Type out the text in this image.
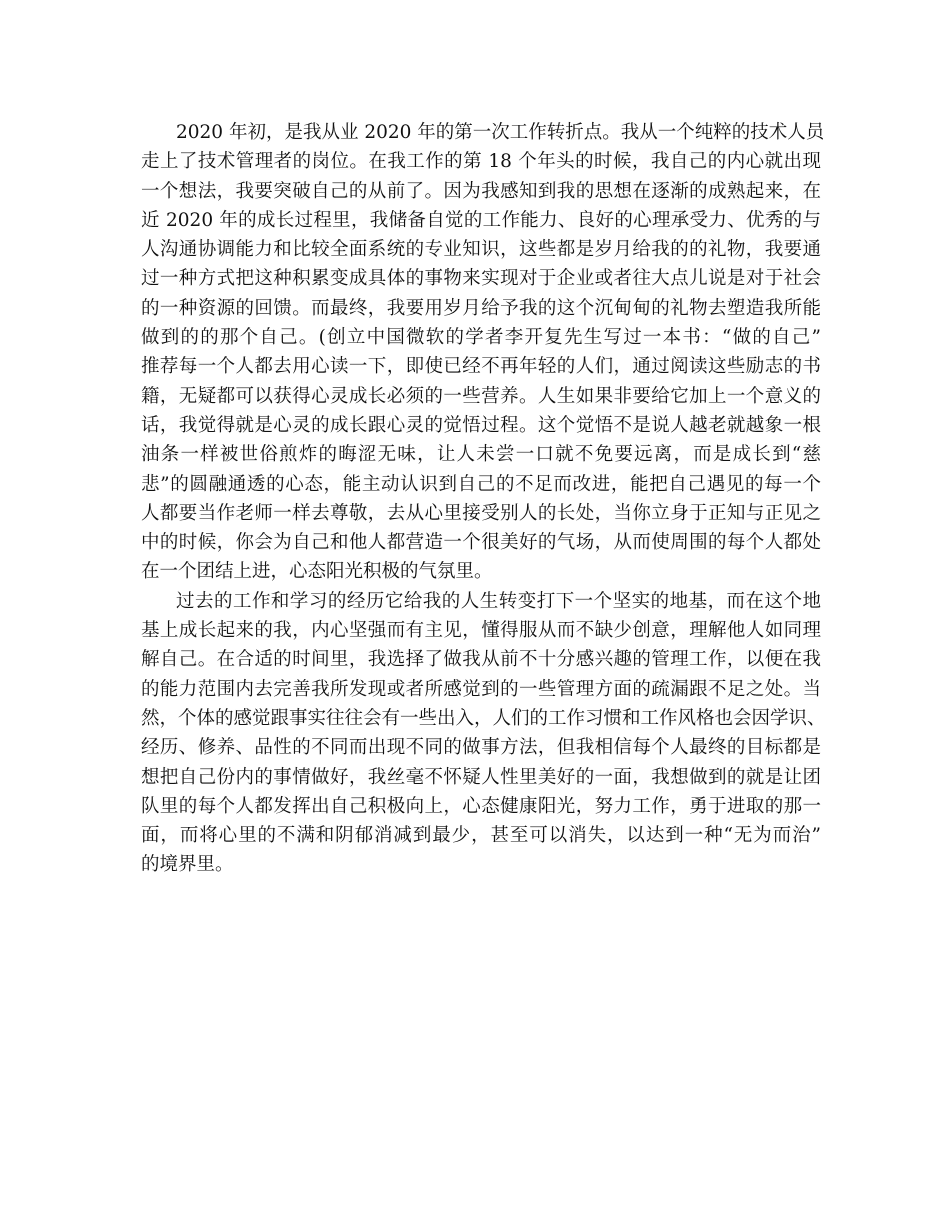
2020 年初，是我从业 2020 年的第一次工作转折点。我从一个纯粹的技术人员
走上了技术管理者的岗位。在我工作的第 18 个年头的时候，我自己的内心就出现
一个想法，我要突破自己的从前了。因为我感知到我的思想在逐渐的成熟起来，在
近 2020 年的成长过程里，我储备自觉的工作能力、良好的心理承受力、优秀的与
人沟通协调能力和比较全面系统的专业知识，这些都是岁月给我的的礼物，我要通
过一种方式把这种积累变成具体的事物来实现对于企业或者往大点儿说是对于社会
的一种资源的回馈。而最终，我要用岁月给予我的这个沉甸甸的礼物去塑造我所能
做到的的那个自己。(创立中国微软的学者李开复先生写过一本书：“做的自己”
推荐每一个人都去用心读一下，即使已经不再年轻的人们，通过阅读这些励志的书
籍，无疑都可以获得心灵成长必须的一些营养。人生如果非要给它加上一个意义的
话，我觉得就是心灵的成长跟心灵的觉悟过程。这个觉悟不是说人越老就越象一根
油条一样被世俗煎炸的晦涩无味，让人未尝一口就不免要远离，而是成长到“慈
悲”的圆融通透的心态，能主动认识到自己的不足而改进，能把自己遇见的每一个
人都要当作老师一样去尊敬，去从心里接受别人的长处，当你立身于正知与正见之
中的时候，你会为自己和他人都营造一个很美好的气场，从而使周围的每个人都处
在一个团结上进，心态阳光积极的气氛里。
过去的工作和学习的经历它给我的人生转变打下一个坚实的地基，而在这个地
基上成长起来的我，内心坚强而有主见，懂得服从而不缺少创意，理解他人如同理
解自己。在合适的时间里，我选择了做我从前不十分感兴趣的管理工作，以便在我
的能力范围内去完善我所发现或者所感觉到的一些管理方面的疏漏跟不足之处。当
然，个体的感觉跟事实往往会有一些出入，人们的工作习惯和工作风格也会因学识、
经历、修养、品性的不同而出现不同的做事方法，但我相信每个人最终的目标都是
想把自己份内的事情做好，我丝毫不怀疑人性里美好的一面，我想做到的就是让团
队里的每个人都发挥出自己积极向上，心态健康阳光，努力工作，勇于进取的那一
面，而将心里的不满和阴郁消减到最少，甚至可以消失，以达到一种“无为而治”
的境界里。
